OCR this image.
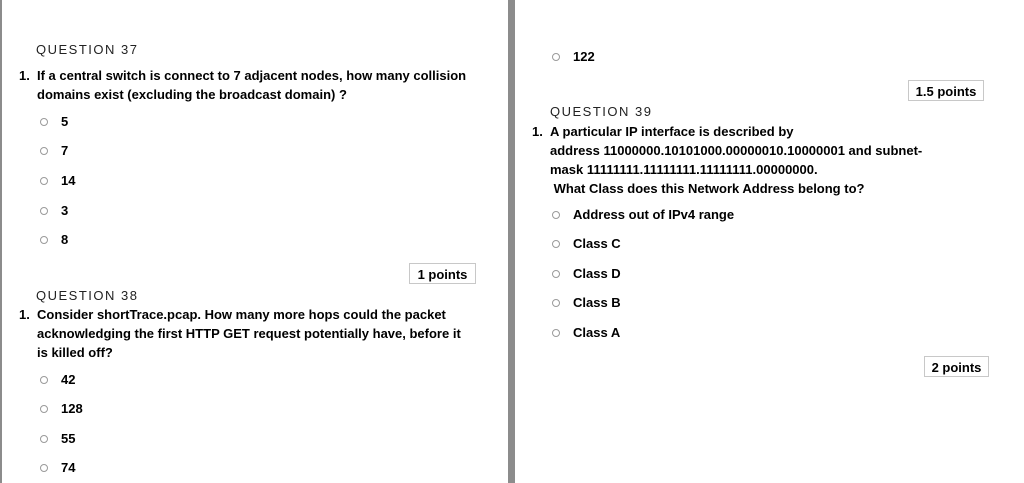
QUESTION 37
1. If a central switch is connect to 7 adjacent nodes, how many collision
domains exist (excluding the broadcast domain) ?
5
7
14
3
8
1 points
QUESTION 38
1. Consider shortTrace.pcap. How many more hops could the packet
acknowledging the first HTTP GET request potentially have, before it
is killed off?
42
128
55
74
122
1.5 points
QUESTION 39
1. A particular IP interface is described by
address 11000000.10101000.00000010.10000001 and subnet-
mask 11111111.11111111.11111111.00000000.
What Class does this Network Address belong to?
Address out of IPv4 range
Class C
Class D
Class B
Class A
2 points
